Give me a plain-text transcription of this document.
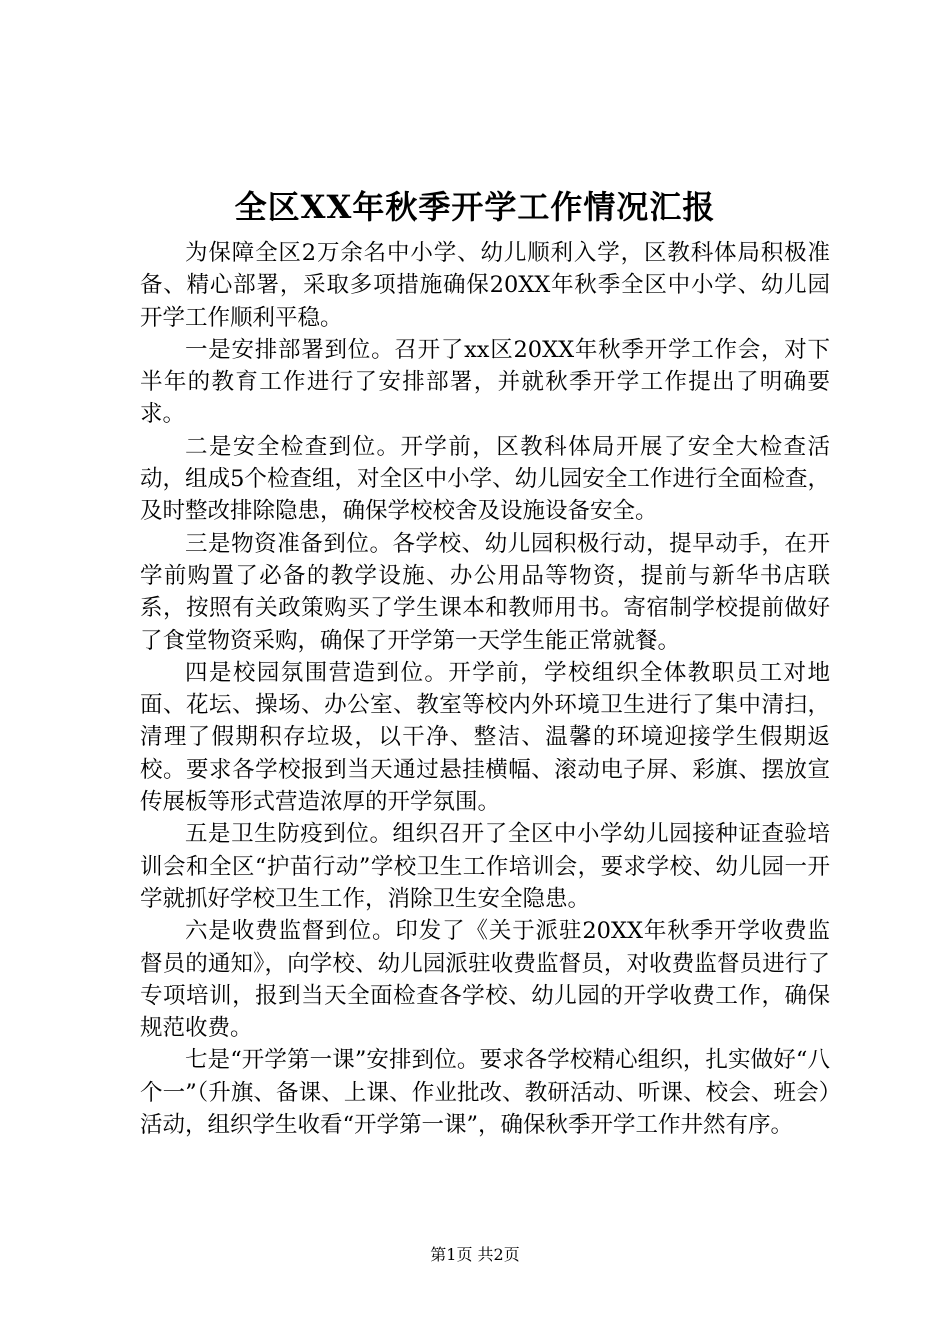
全区XX年秋季开学工作情况汇报

为保障全区2万余名中小学、幼儿顺利入学，区教科体局积极准备、精心部署，采取多项措施确保20XX年秋季全区中小学、幼儿园开学工作顺利平稳。

一是安排部署到位。召开了xx区20XX年秋季开学工作会，对下半年的教育工作进行了安排部署，并就秋季开学工作提出了明确要求。

二是安全检查到位。开学前，区教科体局开展了安全大检查活动，组成5个检查组，对全区中小学、幼儿园安全工作进行全面检查，及时整改排除隐患，确保学校校舍及设施设备安全。

三是物资准备到位。各学校、幼儿园积极行动，提早动手，在开学前购置了必备的教学设施、办公用品等物资，提前与新华书店联系，按照有关政策购买了学生课本和教师用书。寄宿制学校提前做好了食堂物资采购，确保了开学第一天学生能正常就餐。

四是校园氛围营造到位。开学前，学校组织全体教职员工对地面、花坛、操场、办公室、教室等校内外环境卫生进行了集中清扫，清理了假期积存垃圾，以干净、整洁、温馨的环境迎接学生假期返校。要求各学校报到当天通过悬挂横幅、滚动电子屏、彩旗、摆放宣传展板等形式营造浓厚的开学氛围。

五是卫生防疫到位。组织召开了全区中小学幼儿园接种证查验培训会和全区“护苗行动”学校卫生工作培训会，要求学校、幼儿园一开学就抓好学校卫生工作，消除卫生安全隐患。

六是收费监督到位。印发了《关于派驻20XX年秋季开学收费监督员的通知》，向学校、幼儿园派驻收费监督员，对收费监督员进行了专项培训，报到当天全面检查各学校、幼儿园的开学收费工作，确保规范收费。

七是“开学第一课”安排到位。要求各学校精心组织，扎实做好“八个一”（升旗、备课、上课、作业批改、教研活动、听课、校会、班会）活动，组织学生收看“开学第一课”，确保秋季开学工作井然有序。

第1页 共2页
